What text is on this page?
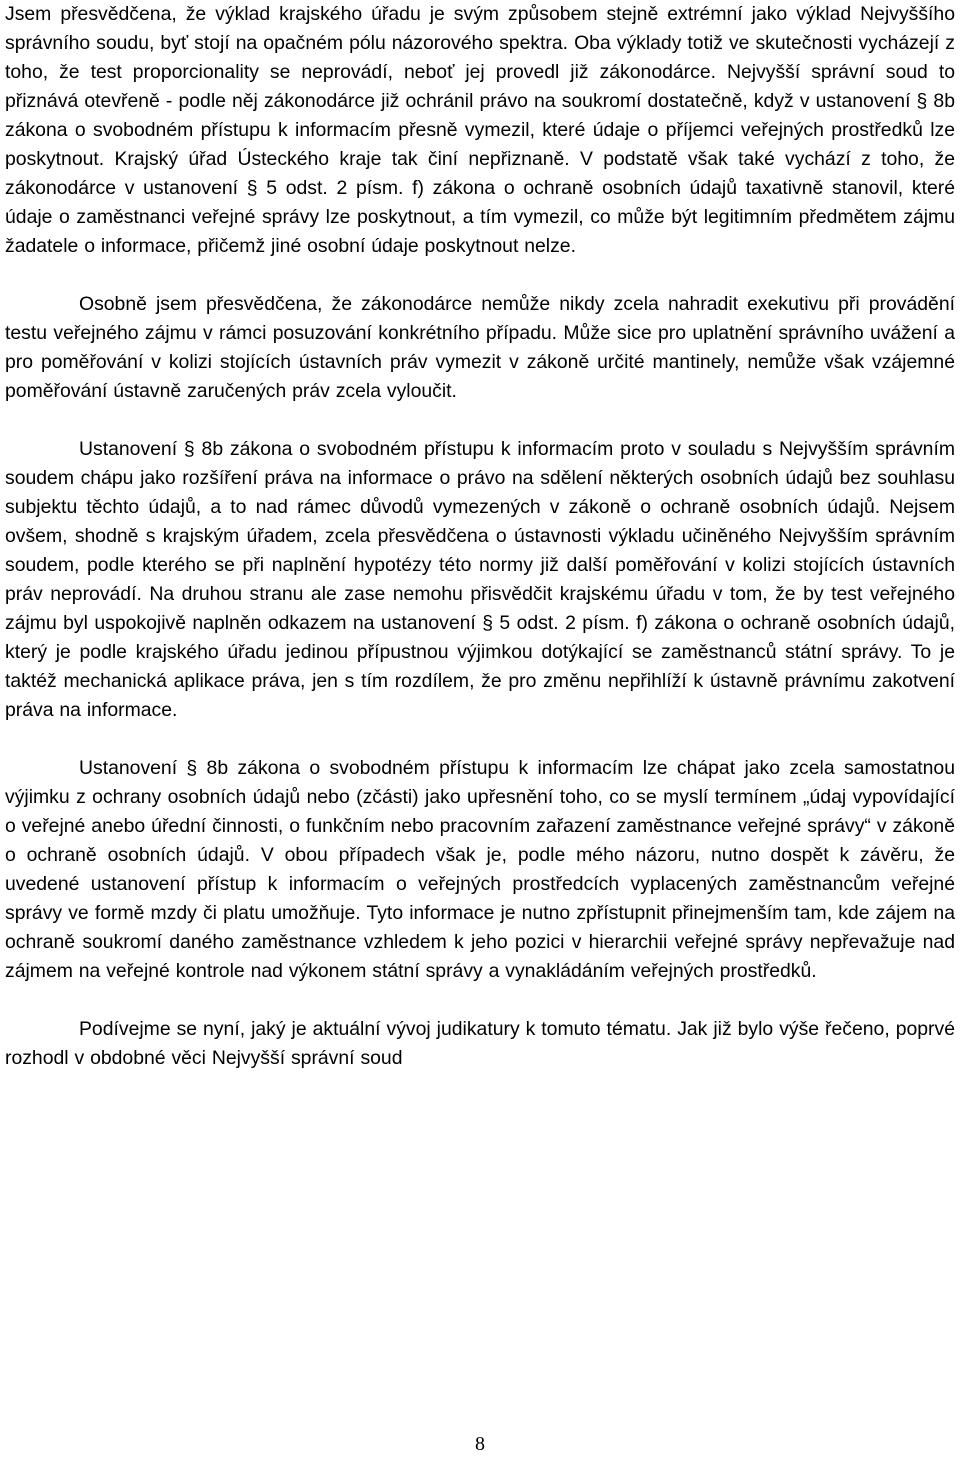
Jsem přesvědčena, že výklad krajského úřadu je svým způsobem stejně extrémní jako výklad Nejvyššího správního soudu, byť stojí na opačném pólu názorového spektra. Oba výklady totiž ve skutečnosti vycházejí z toho, že test proporcionality se neprovádí, neboť jej provedl již zákonodárce. Nejvyšší správní soud to přiznává otevřeně - podle něj zákonodárce již ochránil právo na soukromí dostatečně, když v ustanovení § 8b zákona o svobodném přístupu k informacím přesně vymezil, které údaje o příjemci veřejných prostředků lze poskytnout. Krajský úřad Ústeckého kraje tak činí nepřiznaně. V podstatě však také vychází z toho, že zákonodárce v ustanovení § 5 odst. 2 písm. f) zákona o ochraně osobních údajů taxativně stanovil, které údaje o zaměstnanci veřejné správy lze poskytnout, a tím vymezil, co může být legitimním předmětem zájmu žadatele o informace, přičemž jiné osobní údaje poskytnout nelze.

Osobně jsem přesvědčena, že zákonodárce nemůže nikdy zcela nahradit exekutivu při provádění testu veřejného zájmu v rámci posuzování konkrétního případu. Může sice pro uplatnění správního uvážení a pro poměřování v kolizi stojících ústavních práv vymezit v zákoně určité mantinely, nemůže však vzájemné poměřování ústavně zaručených práv zcela vyloučit.

Ustanovení § 8b zákona o svobodném přístupu k informacím proto v souladu s Nejvyšším správním soudem chápu jako rozšíření práva na informace o právo na sdělení některých osobních údajů bez souhlasu subjektu těchto údajů, a to nad rámec důvodů vymezených v zákoně o ochraně osobních údajů. Nejsem ovšem, shodně s krajským úřadem, zcela přesvědčena o ústavnosti výkladu učiněného Nejvyšším správním soudem, podle kterého se při naplnění hypotézy této normy již další poměřování v kolizi stojících ústavních práv neprovádí. Na druhou stranu ale zase nemohu přisvědčit krajskému úřadu v tom, že by test veřejného zájmu byl uspokojivě naplněn odkazem na ustanovení § 5 odst. 2 písm. f) zákona o ochraně osobních údajů, který je podle krajského úřadu jedinou přípustnou výjimkou dotýkající se zaměstnanců státní správy. To je taktéž mechanická aplikace práva, jen s tím rozdílem, že pro změnu nepřihlíží k ústavně právnímu zakotvení práva na informace.

Ustanovení § 8b zákona o svobodném přístupu k informacím lze chápat jako zcela samostatnou výjimku z ochrany osobních údajů nebo (zčásti) jako upřesnění toho, co se myslí termínem „údaj vypovídající o veřejné anebo úřední činnosti, o funkčním nebo pracovním zařazení zaměstnance veřejné správy“ v zákoně o ochraně osobních údajů. V obou případech však je, podle mého názoru, nutno dospět k závěru, že uvedené ustanovení přístup k informacím o veřejných prostředcích vyplacených zaměstnancům veřejné správy ve formě mzdy či platu umožňuje. Tyto informace je nutno zpřístupnit přinejmenším tam, kde zájem na ochraně soukromí daného zaměstnance vzhledem k jeho pozici v hierarchii veřejné správy nepřevažuje nad zájmem na veřejné kontrole nad výkonem státní správy a vynakládáním veřejných prostředků.

Podívejme se nyní, jaký je aktuální vývoj judikatury k tomuto tématu. Jak již bylo výše řečeno, poprvé rozhodl v obdobné věci Nejvyšší správní soud

8
